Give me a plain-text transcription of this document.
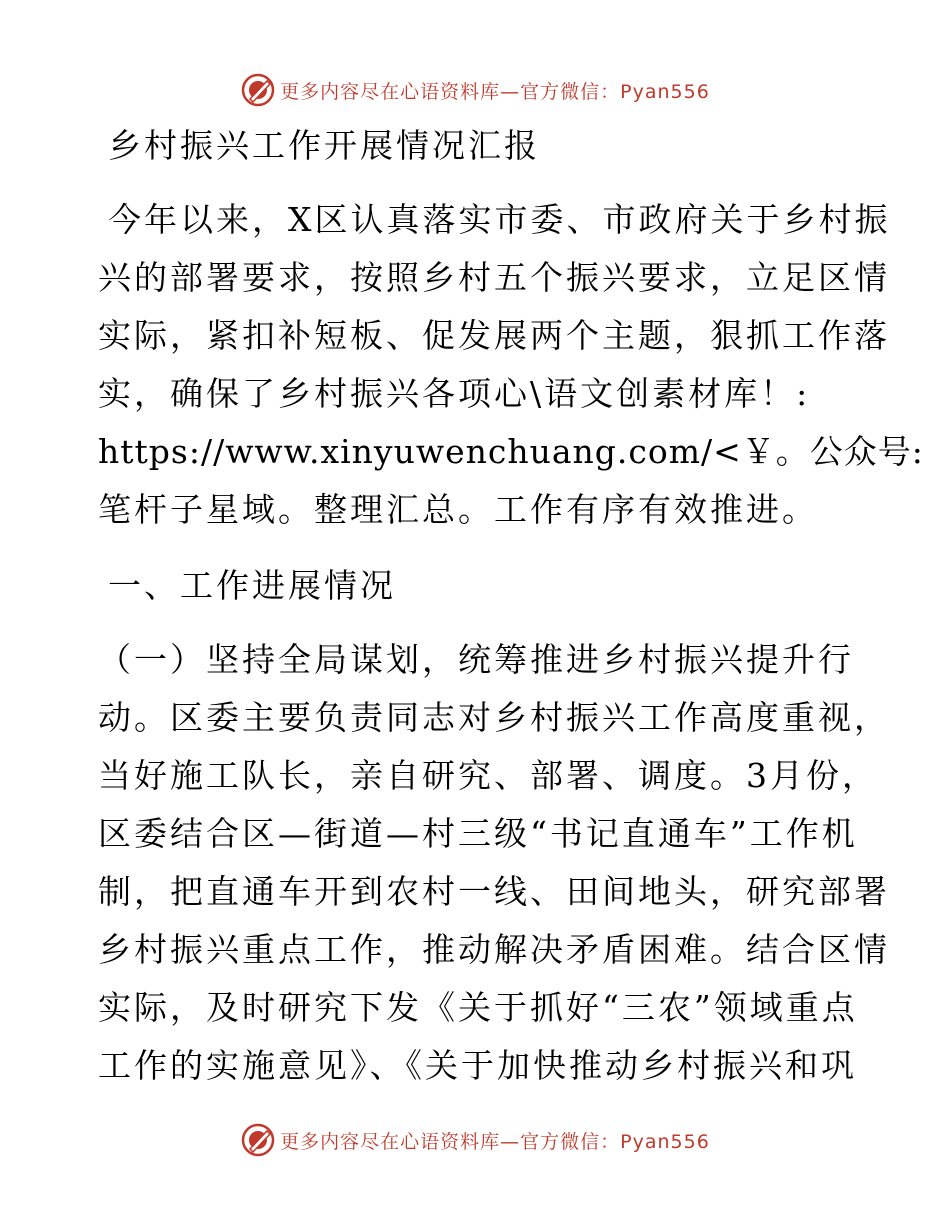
更多内容尽在心语资料库—官方微信：Pyan556
乡村振兴工作开展情况汇报
今年以来，X区认真落实市委、市政府关于乡村振
兴的部署要求，按照乡村五个振兴要求，立足区情
实际，紧扣补短板、促发展两个主题，狠抓工作落
实，确保了乡村振兴各项心\语文创素材库！:
https://www.xinyuwenchuang.com/<￥。公众号:
笔杆子星域。整理汇总。工作有序有效推进。
一、工作进展情况
（一）坚持全局谋划，统筹推进乡村振兴提升行
动。区委主要负责同志对乡村振兴工作高度重视，
当好施工队长，亲自研究、部署、调度。3月份，
区委结合区—街道—村三级“书记直通车”工作机
制，把直通车开到农村一线、田间地头，研究部署
乡村振兴重点工作，推动解决矛盾困难。结合区情
实际，及时研究下发《关于抓好“三农”领域重点
工作的实施意见》、《关于加快推动乡村振兴和巩
更多内容尽在心语资料库—官方微信：Pyan556
